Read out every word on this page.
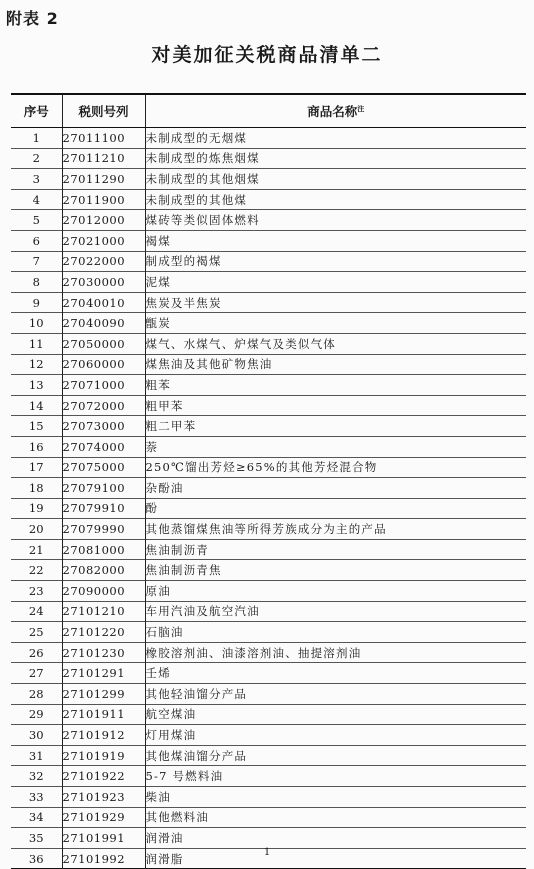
附表 2
对美加征关税商品清单二
序号	税则号列	商品名称$^注$
1	27011100	未制成型的无烟煤
2	27011210	未制成型的炼焦烟煤
3	27011290	未制成型的其他烟煤
4	27011900	未制成型的其他煤
5	27012000	煤砖等类似固体燃料
6	27021000	褐煤
7	27022000	制成型的褐煤
8	27030000	泥煤
9	27040010	焦炭及半焦炭
10	27040090	甑炭
11	27050000	煤气、水煤气、炉煤气及类似气体
12	27060000	煤焦油及其他矿物焦油
13	27071000	粗苯
14	27072000	粗甲苯
15	27073000	粗二甲苯
16	27074000	萘
17	27075000	250℃馏出芳烃≥65%的其他芳烃混合物
18	27079100	杂酚油
19	27079910	酚
20	27079990	其他蒸馏煤焦油等所得芳族成分为主的产品
21	27081000	焦油制沥青
22	27082000	焦油制沥青焦
23	27090000	原油
24	27101210	车用汽油及航空汽油
25	27101220	石脑油
26	27101230	橡胶溶剂油、油漆溶剂油、抽提溶剂油
27	27101291	壬烯
28	27101299	其他轻油馏分产品
29	27101911	航空煤油
30	27101912	灯用煤油
31	27101919	其他煤油馏分产品
32	27101922	5-7 号燃料油
33	27101923	柴油
34	27101929	其他燃料油
35	27101991	润滑油
36	27101992	润滑脂	1
